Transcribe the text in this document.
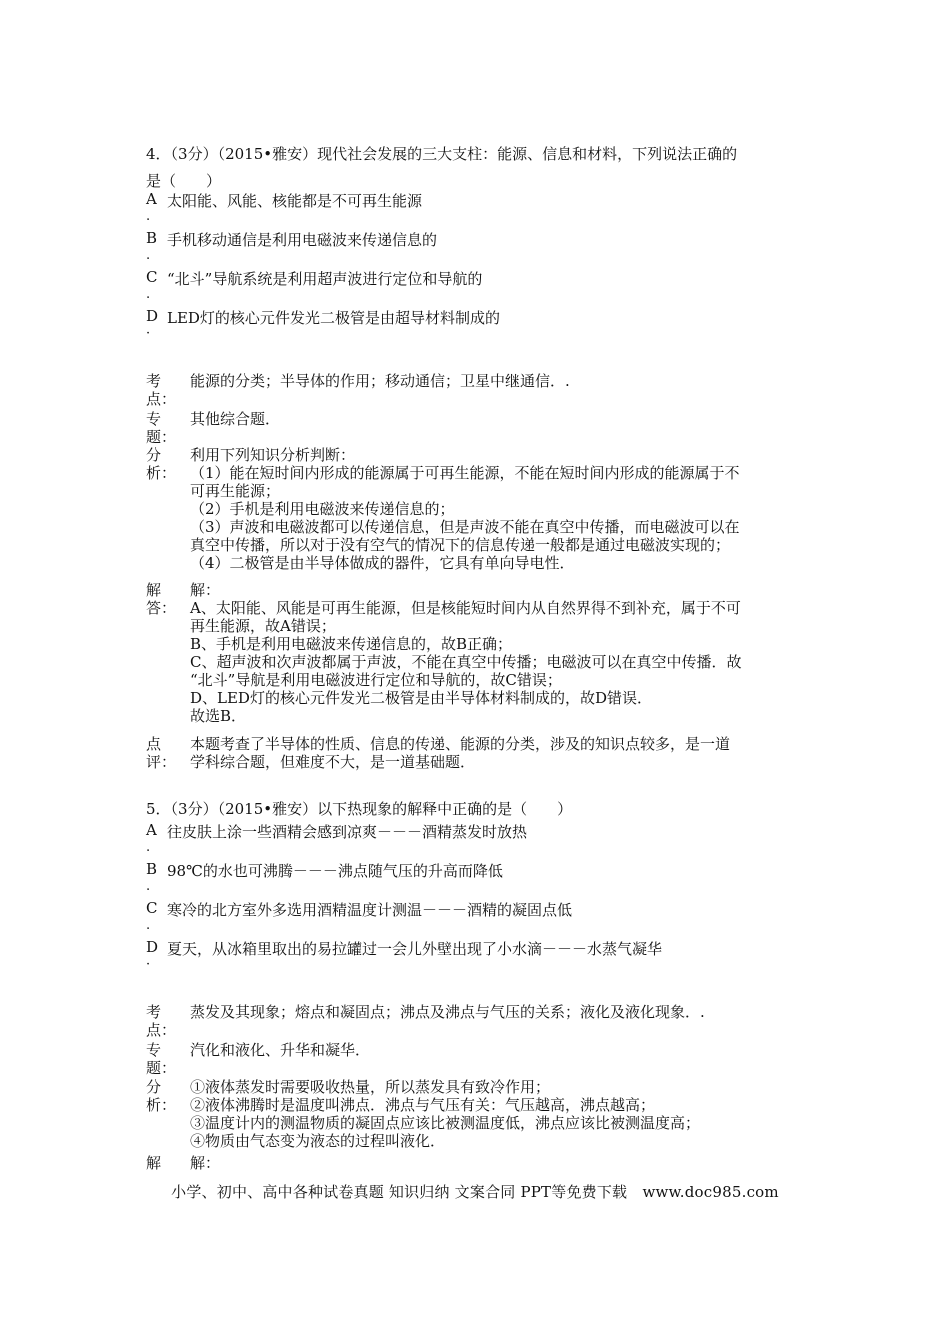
4．（3分）（2015•雅安）现代社会发展的三大支柱：能源、信息和材料，下列说法正确的
是（　　）
A
.
太阳能、风能、核能都是不可再生能源
B
.
手机移动通信是利用电磁波来传递信息的
C
.
“北斗”导航系统是利用超声波进行定位和导航的
D
·
LED灯的核心元件发光二极管是由超导材料制成的
考
点：
能源的分类；半导体的作用；移动通信；卫星中继通信．.
专
题：
其他综合题．
分
析：
利用下列知识分析判断：
（1）能在短时间内形成的能源属于可再生能源，不能在短时间内形成的能源属于不
可再生能源；
（2）手机是利用电磁波来传递信息的；
（3）声波和电磁波都可以传递信息，但是声波不能在真空中传播，而电磁波可以在
真空中传播，所以对于没有空气的情况下的信息传递一般都是通过电磁波实现的；
（4）二极管是由半导体做成的器件，它具有单向导电性．
解
答：
解：
A、太阳能、风能是可再生能源，但是核能短时间内从自然界得不到补充，属于不可
再生能源，故A错误；
B、手机是利用电磁波来传递信息的，故B正确；
C、超声波和次声波都属于声波，不能在真空中传播；电磁波可以在真空中传播．故
“北斗”导航是利用电磁波进行定位和导航的，故C错误；
D、LED灯的核心元件发光二极管是由半导体材料制成的，故D错误．
故选B．
点
评：
本题考查了半导体的性质、信息的传递、能源的分类，涉及的知识点较多，是一道
学科综合题，但难度不大，是一道基础题．
5．（3分）（2015•雅安）以下热现象的解释中正确的是（　　）
A
.
往皮肤上涂一些酒精会感到凉爽－－－酒精蒸发时放热
B
.
98℃的水也可沸腾－－－沸点随气压的升高而降低
C
.
寒冷的北方室外多选用酒精温度计测温－－－酒精的凝固点低
D
·
夏天，从冰箱里取出的易拉罐过一会儿外壁出现了小水滴－－－水蒸气凝华
考
点：
蒸发及其现象；熔点和凝固点；沸点及沸点与气压的关系；液化及液化现象．.
专
题：
汽化和液化、升华和凝华．
分
析：
①液体蒸发时需要吸收热量，所以蒸发具有致冷作用；
②液体沸腾时是温度叫沸点．沸点与气压有关：气压越高，沸点越高；
③温度计内的测温物质的凝固点应该比被测温度低，沸点应该比被测温度高；
④物质由气态变为液态的过程叫液化．
解	解：
小学、初中、高中各种试卷真题 知识归纳 文案合同 PPT等免费下载　www.doc985.com
